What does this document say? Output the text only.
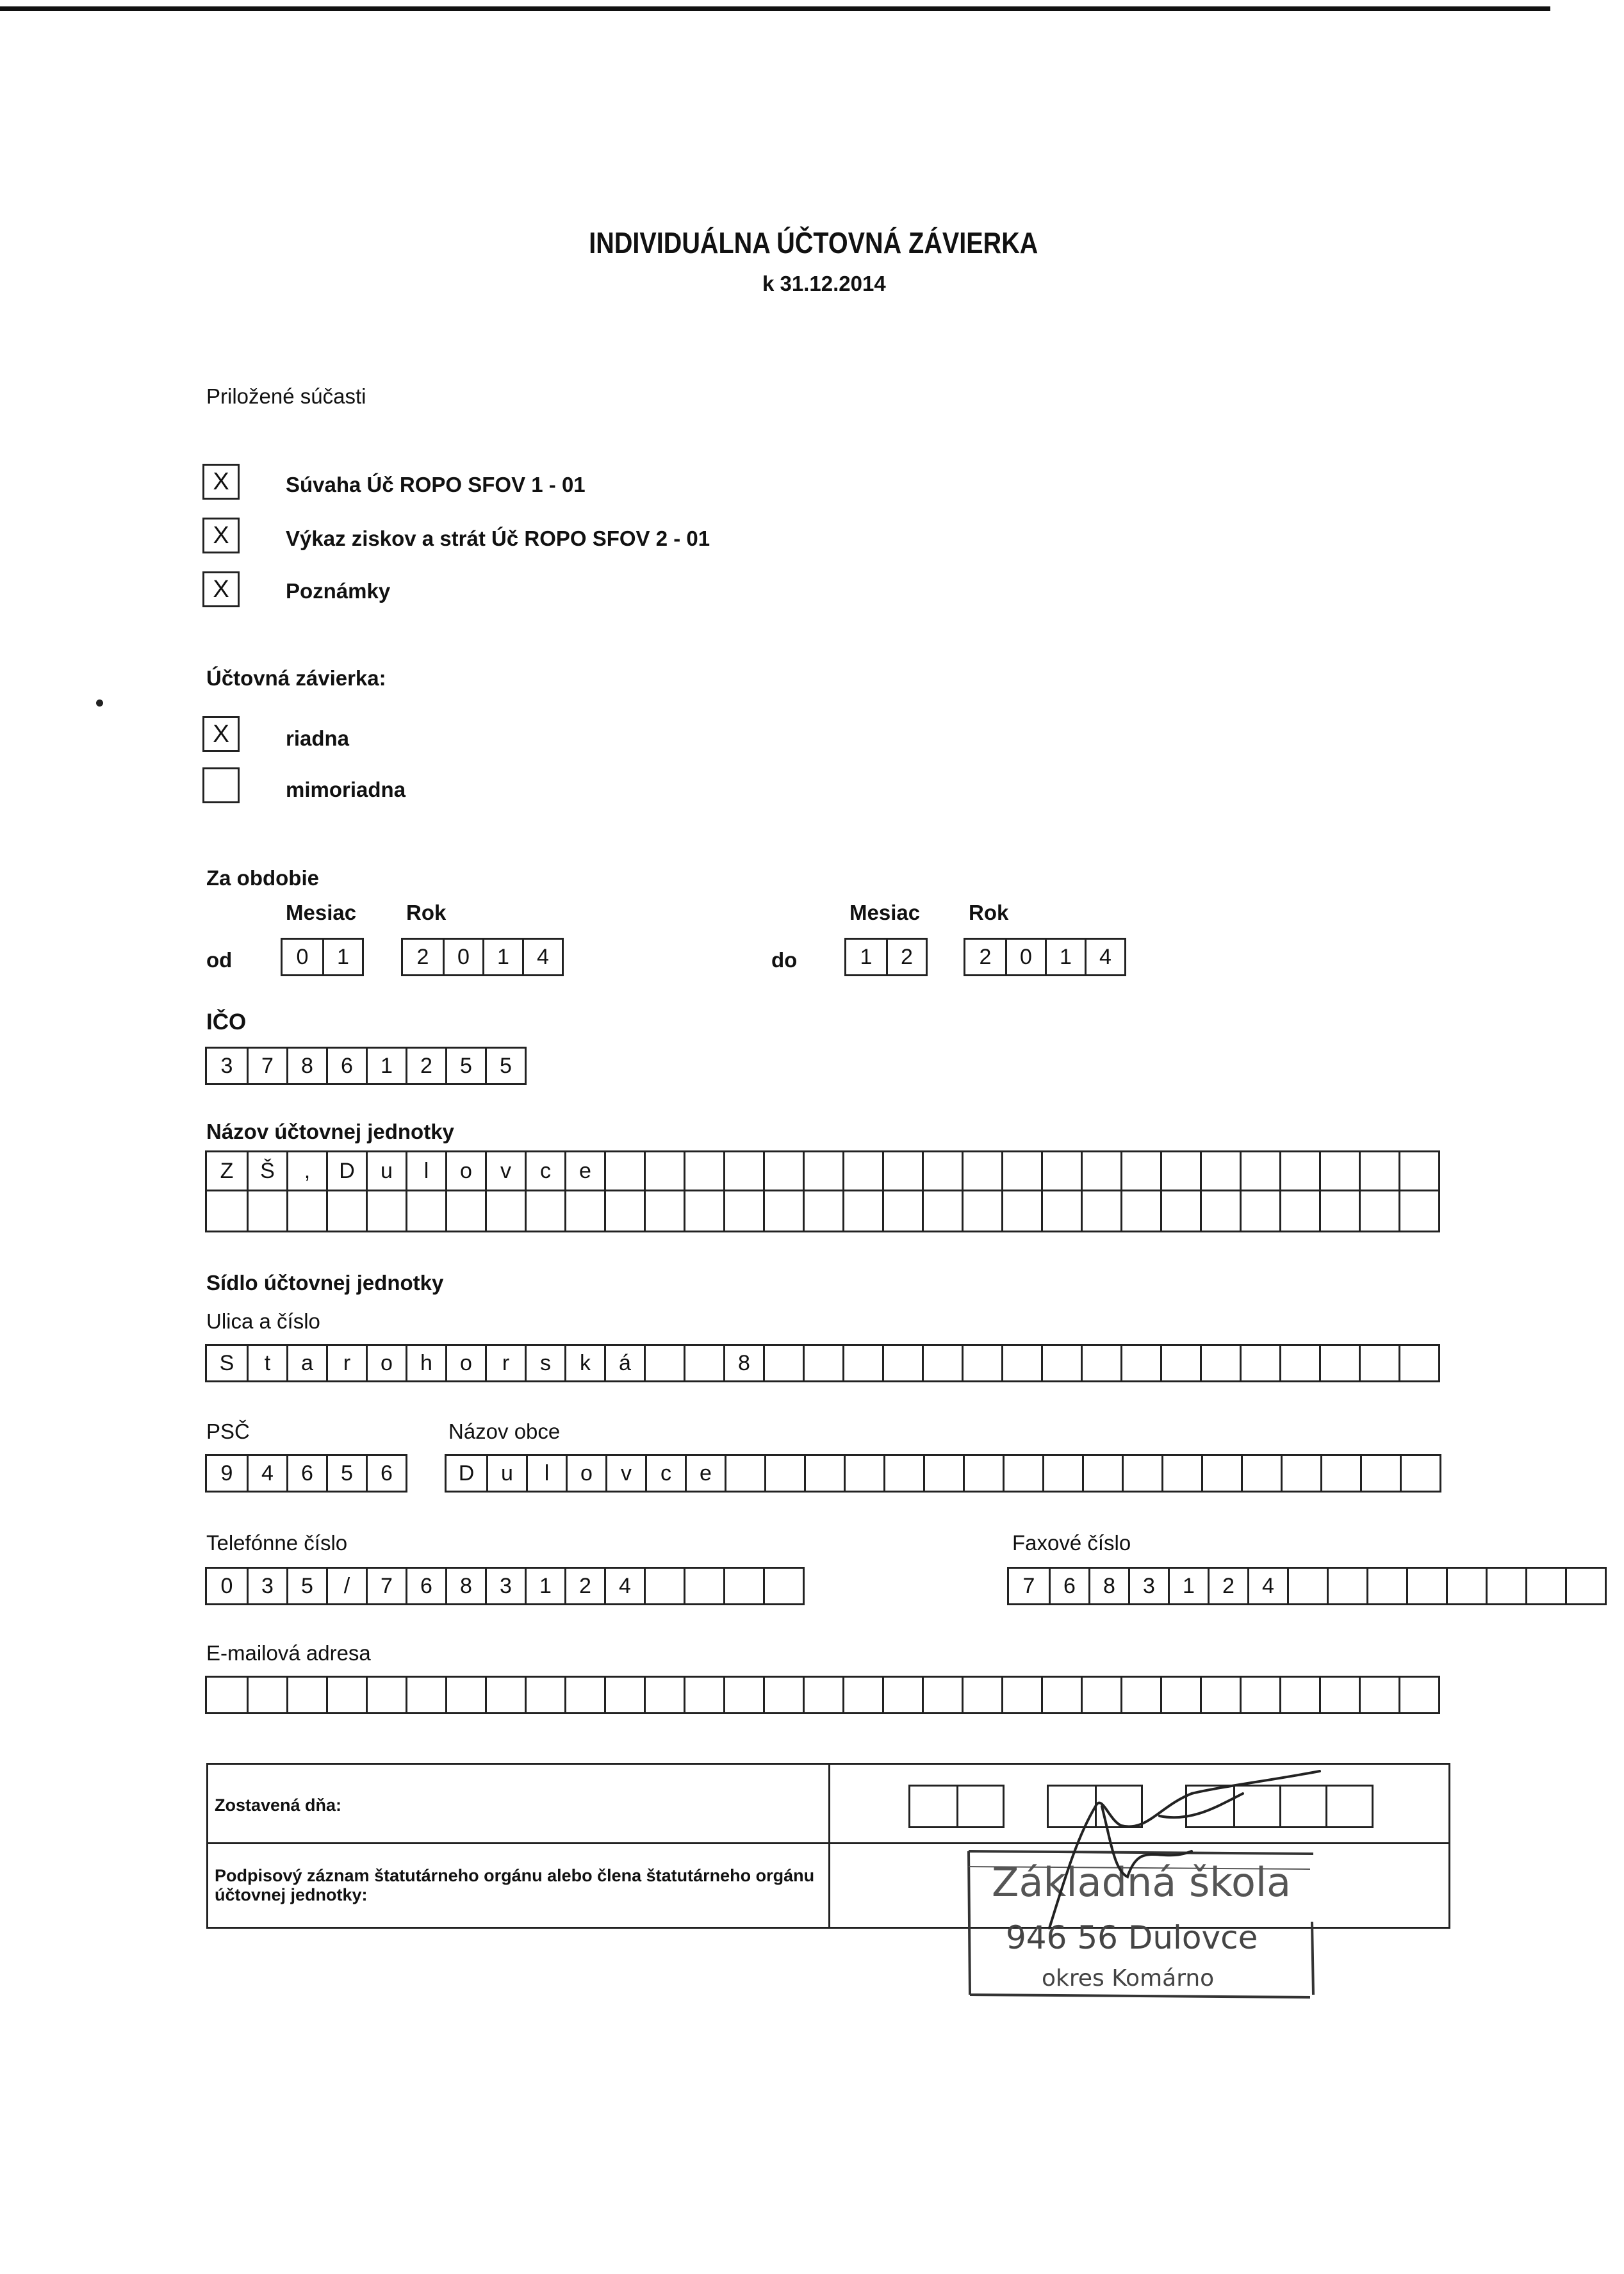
INDIVIDUÁLNA ÚČTOVNÁ ZÁVIERKA
k 31.12.2014
Priložené súčasti
X	Súvaha Úč ROPO SFOV 1 - 01
X	Výkaz ziskov a strát Úč ROPO SFOV 2 - 01
X	Poznámky
Účtovná závierka:
X	riadna
mimoriadna
Za obdobie
Mesiac Rok	Mesiac Rok
od	0	1	2	0	1	4	do	1	2	2	0	1	4
IČO
3	7	8	6	1	2	5	5
Názov účtovnej jednotky
Z	Š	,	D	u	l	o	v	c	e
Sídlo účtovnej jednotky
Ulica a číslo
S	t	a	r	o	h	o	r	s	k	á	8
PSČ
9	4	6	5	6
Názov obce
D	u	l	o	v	c	e
Telefónne číslo
0	3	5	/	7	6	8	3	1	2	4
Faxové číslo
7	6	8	3	1	2	4
E-mailová adresa
Zostavená dňa:
Podpisový záznam štatutárneho orgánu alebo člena štatutárneho orgánu účtovnej jednotky:	Základná škola
946 56 Dulovce
okres Komárno
